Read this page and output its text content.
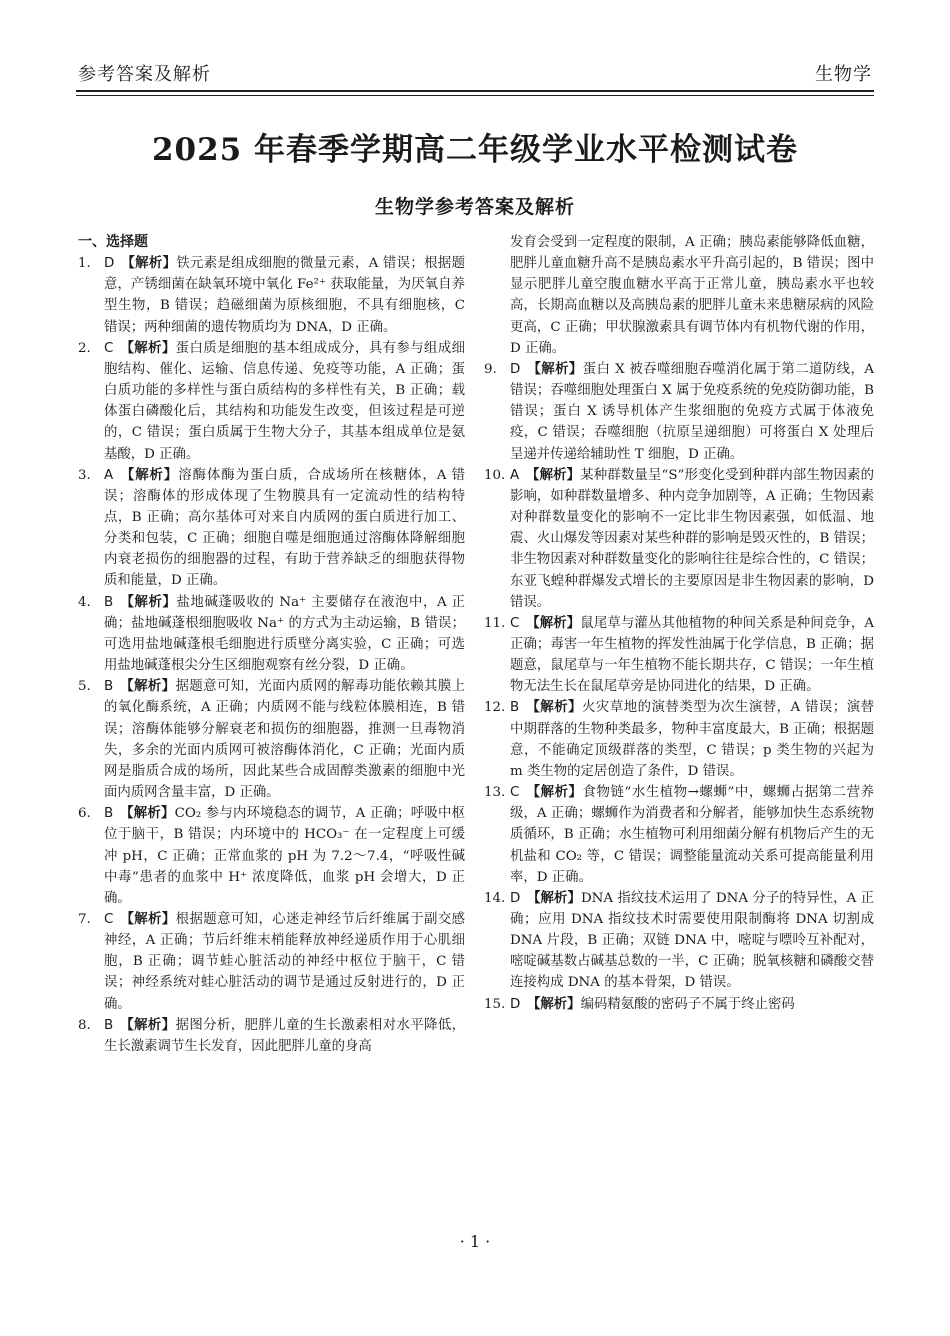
参考答案及解析	生物学
2025 年春季学期高二年级学业水平检测试卷
生物学参考答案及解析
一、选择题
1. D  【解析】铁元素是组成细胞的微量元素，A 错误；根据题意，产锈细菌在缺氧环境中氧化 Fe²⁺ 获取能量，为厌氧自养型生物，B 错误；趋磁细菌为原核细胞，不具有细胞核，C 错误；两种细菌的遗传物质均为 DNA，D 正确。
2. C  【解析】蛋白质是细胞的基本组成成分，具有参与组成细胞结构、催化、运输、信息传递、免疫等功能，A 正确；蛋白质功能的多样性与蛋白质结构的多样性有关，B 正确；载体蛋白磷酸化后，其结构和功能发生改变，但该过程是可逆的，C 错误；蛋白质属于生物大分子，其基本组成单位是氨基酸，D 正确。
3. A  【解析】溶酶体酶为蛋白质，合成场所在核糖体，A 错误；溶酶体的形成体现了生物膜具有一定流动性的结构特点，B 正确；高尔基体可对来自内质网的蛋白质进行加工、分类和包装，C 正确；细胞自噬是细胞通过溶酶体降解细胞内衰老损伤的细胞器的过程，有助于营养缺乏的细胞获得物质和能量，D 正确。
4. B  【解析】盐地碱蓬吸收的 Na⁺ 主要储存在液泡中，A 正确；盐地碱蓬根细胞吸收 Na⁺ 的方式为主动运输，B 错误；可选用盐地碱蓬根毛细胞进行质壁分离实验，C 正确；可选用盐地碱蓬根尖分生区细胞观察有丝分裂，D 正确。
5. B  【解析】据题意可知，光面内质网的解毒功能依赖其膜上的氧化酶系统，A 正确；内质网不能与线粒体膜相连，B 错误；溶酶体能够分解衰老和损伤的细胞器，推测一旦毒物消失，多余的光面内质网可被溶酶体消化，C 正确；光面内质网是脂质合成的场所，因此某些合成固醇类激素的细胞中光面内质网含量丰富，D 正确。
6. B  【解析】CO₂ 参与内环境稳态的调节，A 正确；呼吸中枢位于脑干，B 错误；内环境中的 HCO₃⁻ 在一定程度上可缓冲 pH，C 正确；正常血浆的 pH 为 7.2～7.4，“呼吸性碱中毒”患者的血浆中 H⁺ 浓度降低，血浆 pH 会增大，D 正确。
7. C  【解析】根据题意可知，心迷走神经节后纤维属于副交感神经，A 正确；节后纤维末梢能释放神经递质作用于心肌细胞，B 正确；调节蛙心脏活动的神经中枢位于脑干，C 错误；神经系统对蛙心脏活动的调节是通过反射进行的，D 正确。
8. B  【解析】据图分析，肥胖儿童的生长激素相对水平降低，生长激素调节生长发育，因此肥胖儿童的身高
发育会受到一定程度的限制，A 正确；胰岛素能够降低血糖，肥胖儿童血糖升高不是胰岛素水平升高引起的，B 错误；图中显示肥胖儿童空腹血糖水平高于正常儿童，胰岛素水平也较高，长期高血糖以及高胰岛素的肥胖儿童未来患糖尿病的风险更高，C 正确；甲状腺激素具有调节体内有机物代谢的作用，D 正确。
9. D  【解析】蛋白 X 被吞噬细胞吞噬消化属于第二道防线，A 错误；吞噬细胞处理蛋白 X 属于免疫系统的免疫防御功能，B 错误；蛋白 X 诱导机体产生浆细胞的免疫方式属于体液免疫，C 错误；吞噬细胞（抗原呈递细胞）可将蛋白 X 处理后呈递并传递给辅助性 T 细胞，D 正确。
10. A  【解析】某种群数量呈“S”形变化受到种群内部生物因素的影响，如种群数量增多、种内竞争加剧等，A 正确；生物因素对种群数量变化的影响不一定比非生物因素强，如低温、地震、火山爆发等因素对某些种群的影响是毁灭性的，B 错误；非生物因素对种群数量变化的影响往往是综合性的，C 错误；东亚飞蝗种群爆发式增长的主要原因是非生物因素的影响，D 错误。
11. C  【解析】鼠尾草与灌丛其他植物的种间关系是种间竞争，A 正确；毒害一年生植物的挥发性油属于化学信息，B 正确；据题意，鼠尾草与一年生植物不能长期共存，C 错误；一年生植物无法生长在鼠尾草旁是协同进化的结果，D 正确。
12. B  【解析】火灾草地的演替类型为次生演替，A 错误；演替中期群落的生物种类最多，物种丰富度最大，B 正确；根据题意，不能确定顶级群落的类型，C 错误；p 类生物的兴起为 m 类生物的定居创造了条件，D 错误。
13. C  【解析】食物链“水生植物→螺蛳”中，螺蛳占据第二营养级，A 正确；螺蛳作为消费者和分解者，能够加快生态系统物质循环，B 正确；水生植物可利用细菌分解有机物后产生的无机盐和 CO₂ 等，C 错误；调整能量流动关系可提高能量利用率，D 正确。
14. D  【解析】DNA 指纹技术运用了 DNA 分子的特异性，A 正确；应用 DNA 指纹技术时需要使用限制酶将 DNA 切割成 DNA 片段，B 正确；双链 DNA 中，嘧啶与嘌呤互补配对，嘧啶碱基数占碱基总数的一半，C 正确；脱氧核糖和磷酸交替连接构成 DNA 的基本骨架，D 错误。
15. D  【解析】编码精氨酸的密码子不属于终止密码
· 1 ·
